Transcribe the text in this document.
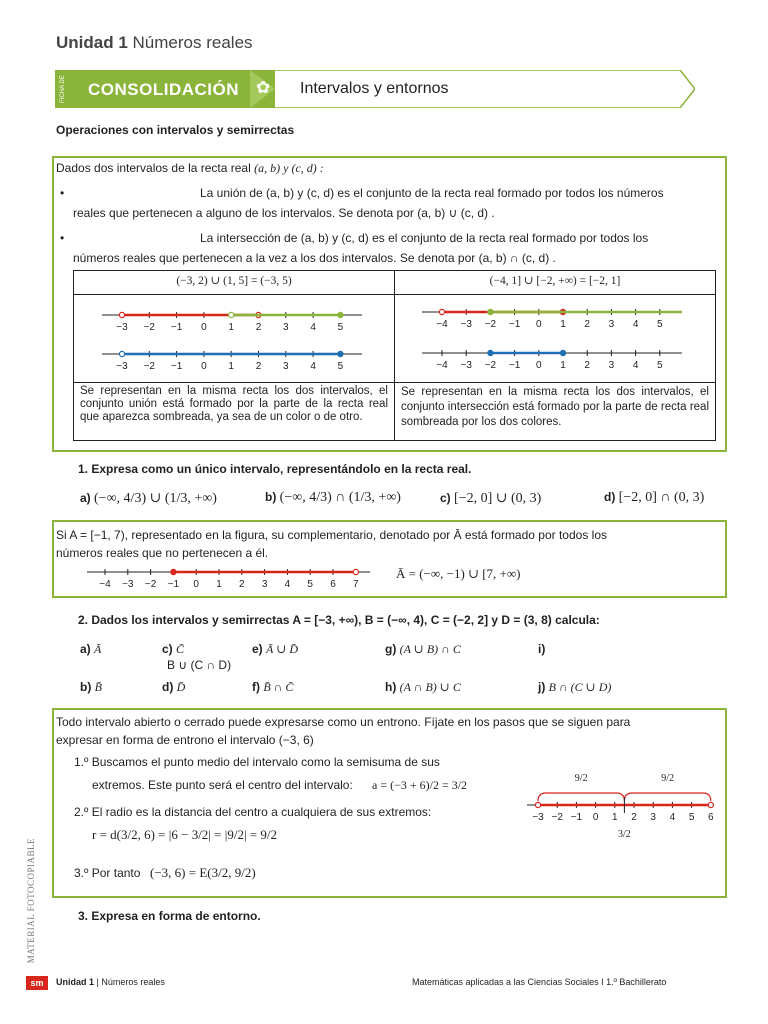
Unidad 1 Números reales
FICHA DE CONSOLIDACIÓN ✿ Intervalos y entornos
Operaciones con intervalos y semirrectas
Dados dos intervalos de la recta real (a, b) y (c, d) :
•	La unión de (a, b) y (c, d) es el conjunto de la recta real formado por todos los números
reales que pertenecen a alguno de los intervalos. Se denota por (a, b) ∪ (c, d) .
•	La intersección de (a, b) y (c, d) es el conjunto de la recta real formado por todos los
números reales que pertenecen a la vez a los dos intervalos. Se denota por (a, b) ∩ (c, d) .
(−3, 2) ∪ (1, 5] = (−3, 5)	(−4, 1] ∪ [−2, +∞) = [−2, 1]

Se representan en la misma recta los dos intervalos, el conjunto unión está formado por la parte de la recta real que aparezca sombreada, ya sea de un color o de otro.	Se representan en la misma recta los dos intervalos, el conjunto intersección está formado por la parte de recta real sombreada por los dos colores.
−3 −2 −1 0 1 2 3 4 5
−3 −2 −1 0 1 2 3 4 5
−4 −3 −2 −1 0 1 2 3 4 5
−4 −3 −2 −1 0 1 2 3 4 5
1. Expresa como un único intervalo, representándolo en la recta real.
a) (−∞, 4/3) ∪ (1/3, +∞)	b) (−∞, 4/3) ∩ (1/3, +∞)	c) [−2, 0] ∪ (0, 3)	d) [−2, 0] ∩ (0, 3)
Si A = [−1, 7), representado en la figura, su complementario, denotado por Ā está formado por todos los
números reales que no pertenecen a él.
−4 −3 −2 −1 0 1 2 3 4 5 6 7
Ā = (−∞, −1) ∪ [7, +∞)
2. Dados los intervalos y semirrectas A = [−3, +∞), B = (−∞, 4), C = (−2, 2] y D = (3, 8) calcula:
a) Ā	c) C̄	e) Ā ∪ D̄	g) (A ∪ B) ∩ C	i)
B ∪ (C ∩ D)
b) B̄	d) D̄	f) B̄ ∩ C̄	h) (A ∩ B) ∪ C	j) B ∩ (C ∪ D)
Todo intervalo abierto o cerrado puede expresarse como un entrono. Fíjate en los pasos que se siguen para
expresar en forma de entrono el intervalo (−3, 6)
1.º Buscamos el punto medio del intervalo como la semisuma de sus
extremos. Este punto será el centro del intervalo: a = (−3 + 6)/2 = 3/2
2.º El radio es la distancia del centro a cualquiera de sus extremos:
r = d(3/2, 6) = |6 − 3/2| = |9/2| = 9/2
3.º Por tanto (−3, 6) = E(3/2, 9/2)
−3 −2 −1 0 1 2 3 4 5 6
9/2	9/2
3/2
3. Expresa en forma de entorno.
MATERIAL FOTOCOPIABLE
sm	Unidad 1 | Números reales	Matemáticas aplicadas a las Ciencias Sociales I 1.º Bachillerato
